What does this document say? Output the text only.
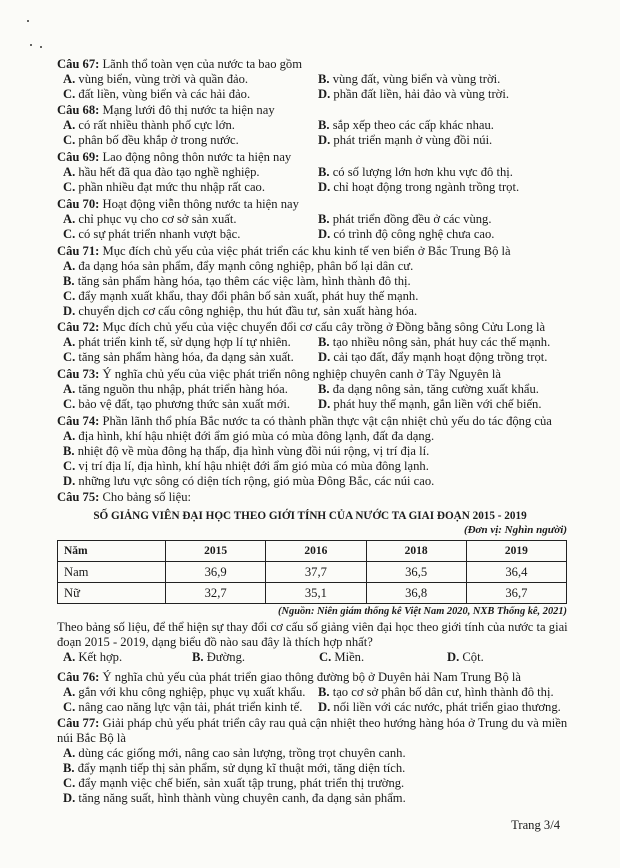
Câu 67: Lãnh thổ toàn vẹn của nước ta bao gồm
A. vùng biển, vùng trời và quần đảo.	B. vùng đất, vùng biển và vùng trời.
C. đất liền, vùng biển và các hải đảo.	D. phần đất liền, hải đảo và vùng trời.
Câu 68: Mạng lưới đô thị nước ta hiện nay
A. có rất nhiều thành phố cực lớn.	B. sắp xếp theo các cấp khác nhau.
C. phân bố đều khắp ở trong nước.	D. phát triển mạnh ở vùng đồi núi.
Câu 69: Lao động nông thôn nước ta hiện nay
A. hầu hết đã qua đào tạo nghề nghiệp.	B. có số lượng lớn hơn khu vực đô thị.
C. phần nhiều đạt mức thu nhập rất cao.	D. chỉ hoạt động trong ngành trồng trọt.
Câu 70: Hoạt động viễn thông nước ta hiện nay
A. chỉ phục vụ cho cơ sở sản xuất.	B. phát triển đồng đều ở các vùng.
C. có sự phát triển nhanh vượt bậc.	D. có trình độ công nghệ chưa cao.
Câu 71: Mục đích chủ yếu của việc phát triển các khu kinh tế ven biển ở Bắc Trung Bộ là
A. đa dạng hóa sản phẩm, đẩy mạnh công nghiệp, phân bố lại dân cư.
B. tăng sản phẩm hàng hóa, tạo thêm các việc làm, hình thành đô thị.
C. đẩy mạnh xuất khẩu, thay đổi phân bố sản xuất, phát huy thế mạnh.
D. chuyển dịch cơ cấu công nghiệp, thu hút đầu tư, sản xuất hàng hóa.
Câu 72: Mục đích chủ yếu của việc chuyển đổi cơ cấu cây trồng ở Đồng bằng sông Cửu Long là
A. phát triển kinh tế, sử dụng hợp lí tự nhiên. B. tạo nhiều nông sản, phát huy các thế mạnh.
C. tăng sản phẩm hàng hóa, đa dạng sản xuất. D. cải tạo đất, đẩy mạnh hoạt động trồng trọt.
Câu 73: Ý nghĩa chủ yếu của việc phát triển nông nghiệp chuyên canh ở Tây Nguyên là
A. tăng nguồn thu nhập, phát triển hàng hóa. B. đa dạng nông sản, tăng cường xuất khẩu.
C. bảo vệ đất, tạo phương thức sản xuất mới. D. phát huy thế mạnh, gắn liền với chế biến.
Câu 74: Phần lãnh thổ phía Bắc nước ta có thành phần thực vật cận nhiệt chủ yếu do tác động của
A. địa hình, khí hậu nhiệt đới ẩm gió mùa có mùa đông lạnh, đất đa dạng.
B. nhiệt độ về mùa đông hạ thấp, địa hình vùng đồi núi rộng, vị trí địa lí.
C. vị trí địa lí, địa hình, khí hậu nhiệt đới ẩm gió mùa có mùa đông lạnh.
D. những lưu vực sông có diện tích rộng, gió mùa Đông Bắc, các núi cao.
Câu 75: Cho bảng số liệu:
SỐ GIẢNG VIÊN ĐẠI HỌC THEO GIỚI TÍNH CỦA NƯỚC TA GIAI ĐOẠN 2015 - 2019
(Đơn vị: Nghìn người)
Năm	2015	2016	2018	2019
Nam	36,9	37,7	36,5	36,4
Nữ	32,7	35,1	36,8	36,7
(Nguồn: Niên giám thống kê Việt Nam 2020, NXB Thống kê, 2021)
Theo bảng số liệu, để thể hiện sự thay đổi cơ cấu số giảng viên đại học theo giới tính của nước ta giai
đoạn 2015 - 2019, dạng biểu đồ nào sau đây là thích hợp nhất?
A. Kết hợp.	B. Đường.	C. Miền.	D. Cột.
Câu 76: Ý nghĩa chủ yếu của phát triển giao thông đường bộ ở Duyên hải Nam Trung Bộ là
A. gắn với khu công nghiệp, phục vụ xuất khẩu. B. tạo cơ sở phân bố dân cư, hình thành đô thị.
C. nâng cao năng lực vận tải, phát triển kinh tế. D. nối liền với các nước, phát triển giao thương.
Câu 77: Giải pháp chủ yếu phát triển cây rau quả cận nhiệt theo hướng hàng hóa ở Trung du và miền
núi Bắc Bộ là
A. dùng các giống mới, nâng cao sản lượng, trồng trọt chuyên canh.
B. đẩy mạnh tiếp thị sản phẩm, sử dụng kĩ thuật mới, tăng diện tích.
C. đẩy mạnh việc chế biến, sản xuất tập trung, phát triển thị trường.
D. tăng năng suất, hình thành vùng chuyên canh, đa dạng sản phẩm.
Trang 3/4
